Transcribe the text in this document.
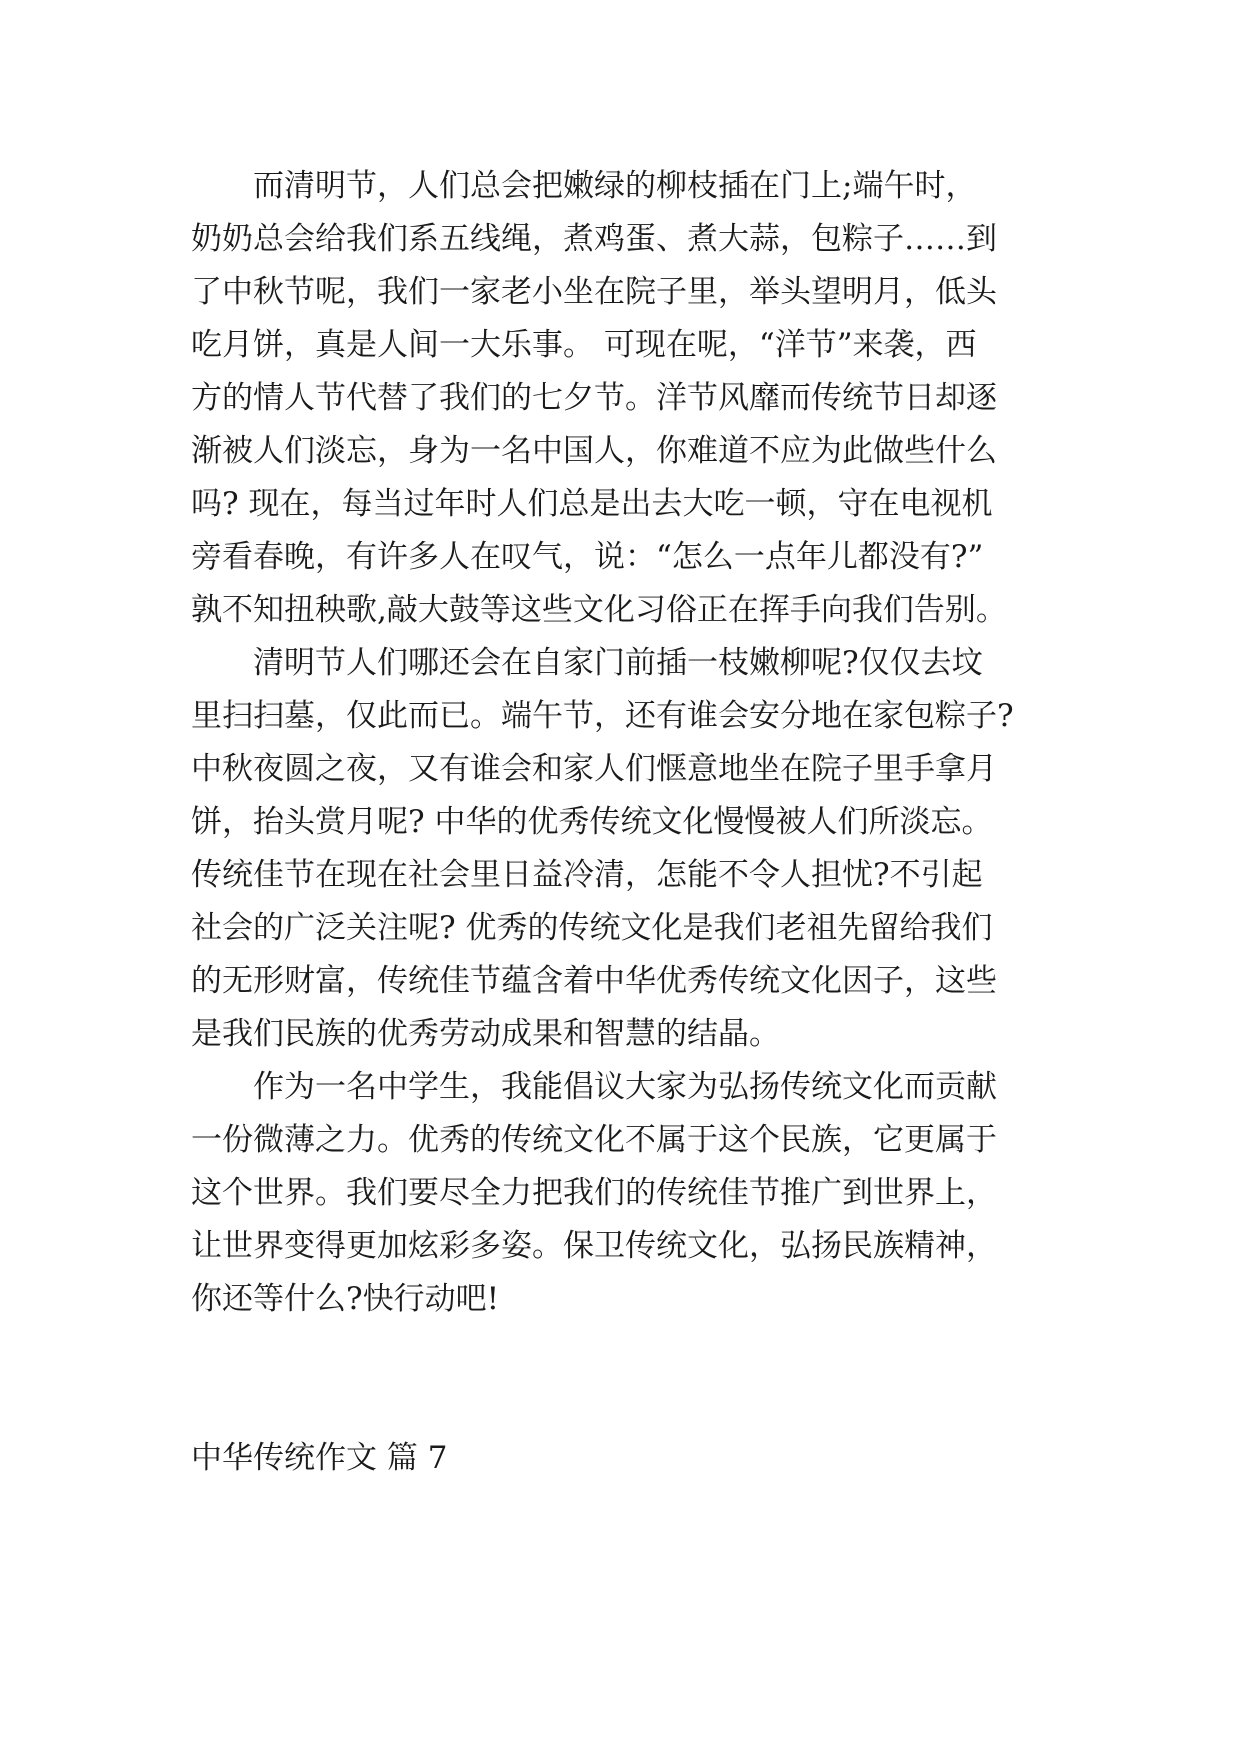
　　而清明节，人们总会把嫩绿的柳枝插在门上;端午时，
奶奶总会给我们系五线绳，煮鸡蛋、煮大蒜，包粽子……到
了中秋节呢，我们一家老小坐在院子里，举头望明月，低头
吃月饼，真是人间一大乐事。 可现在呢，“洋节”来袭，西
方的情人节代替了我们的七夕节。洋节风靡而传统节日却逐
渐被人们淡忘，身为一名中国人，你难道不应为此做些什么
吗? 现在，每当过年时人们总是出去大吃一顿，守在电视机
旁看春晚，有许多人在叹气，说：“怎么一点年儿都没有?”
孰不知扭秧歌,敲大鼓等这些文化习俗正在挥手向我们告别。
　　清明节人们哪还会在自家门前插一枝嫩柳呢?仅仅去坟
里扫扫墓，仅此而已。端午节，还有谁会安分地在家包粽子?
中秋夜圆之夜，又有谁会和家人们惬意地坐在院子里手拿月
饼，抬头赏月呢? 中华的优秀传统文化慢慢被人们所淡忘。
传统佳节在现在社会里日益冷清，怎能不令人担忧?不引起
社会的广泛关注呢? 优秀的传统文化是我们老祖先留给我们
的无形财富，传统佳节蕴含着中华优秀传统文化因子，这些
是我们民族的优秀劳动成果和智慧的结晶。
　　作为一名中学生，我能倡议大家为弘扬传统文化而贡献
一份微薄之力。优秀的传统文化不属于这个民族，它更属于
这个世界。我们要尽全力把我们的传统佳节推广到世界上，
让世界变得更加炫彩多姿。保卫传统文化，弘扬民族精神，
你还等什么?快行动吧!
中华传统作文 篇 7
